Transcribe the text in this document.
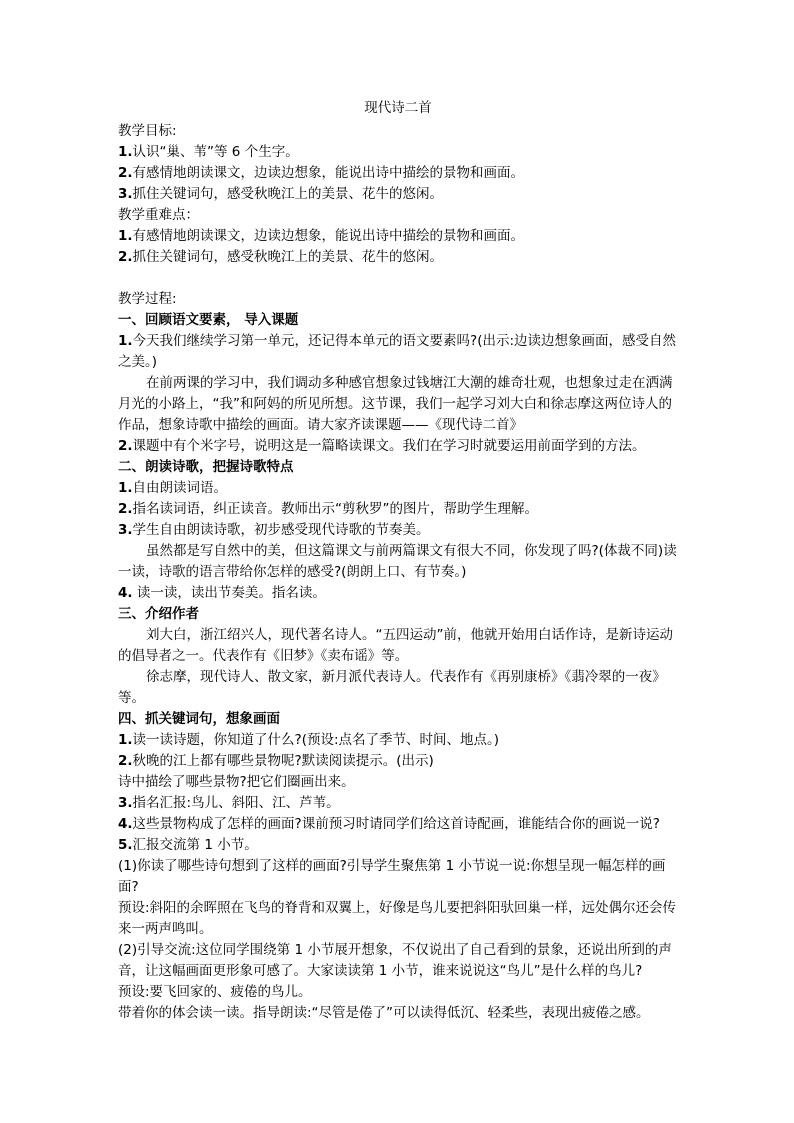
现代诗二首

教学目标:

1.认识“巢、苇”等 6 个生字。

2.有感情地朗读课文，边读边想象，能说出诗中描绘的景物和画面。

3.抓住关键词句，感受秋晚江上的美景、花牛的悠闲。

教学重难点：

1.有感情地朗读课文，边读边想象，能说出诗中描绘的景物和画面。

2.抓住关键词句，感受秋晚江上的美景、花牛的悠闲。

教学过程:

一、回顾语文要素， 导入课题

1.今天我们继续学习第一单元，还记得本单元的语文要素吗?(出示:边读边想象画面，感受自然之美。)

在前两课的学习中，我们调动多种感官想象过钱塘江大潮的雄奇壮观，也想象过走在洒满月光的小路上，“我”和阿妈的所见所想。这节课，我们一起学习刘大白和徐志摩这两位诗人的作品，想象诗歌中描绘的画面。请大家齐读课题——《现代诗二首》

2.课题中有个米字号，说明这是一篇略读课文。我们在学习时就要运用前面学到的方法。

二、朗读诗歌，把握诗歌特点

1.自由朗读词语。

2.指名读词语，纠正读音。教师出示“剪秋罗”的图片，帮助学生理解。

3.学生自由朗读诗歌，初步感受现代诗歌的节奏美。

虽然都是写自然中的美，但这篇课文与前两篇课文有很大不同，你发现了吗?(体裁不同)读一读，诗歌的语言带给你怎样的感受?(朗朗上口、有节奏。)

4. 读一读，读出节奏美。指名读。

三、介绍作者

刘大白，浙江绍兴人，现代著名诗人。“五四运动”前，他就开始用白话作诗，是新诗运动的倡导者之一。代表作有《旧梦》《卖布谣》等。

徐志摩，现代诗人、散文家，新月派代表诗人。代表作有《再别康桥》《翡冷翠的一夜》等。

四、抓关键词句，想象画面

1.读一读诗题，你知道了什么?(预设:点名了季节、时间、地点。)

2.秋晚的江上都有哪些景物呢?默读阅读提示。(出示)

诗中描绘了哪些景物?把它们圈画出来。

3.指名汇报:鸟儿、斜阳、江、芦苇。

4.这些景物构成了怎样的画面?课前预习时请同学们给这首诗配画，谁能结合你的画说一说?

5.汇报交流第 1 小节。

(1)你读了哪些诗句想到了这样的画面?引导学生聚焦第 1 小节说一说:你想呈现一幅怎样的画面?

预设:斜阳的余晖照在飞鸟的脊背和双翼上，好像是鸟儿要把斜阳驮回巢一样，远处偶尔还会传来一两声鸣叫。

(2)引导交流:这位同学围绕第 1 小节展开想象，不仅说出了自己看到的景象，还说出所到的声音，让这幅画面更形象可感了。大家读读第 1 小节，谁来说说这“鸟儿”是什么样的鸟儿?

预设:要飞回家的、疲倦的鸟儿。

带着你的体会读一读。指导朗读:“尽管是倦了”可以读得低沉、轻柔些，表现出疲倦之感。
